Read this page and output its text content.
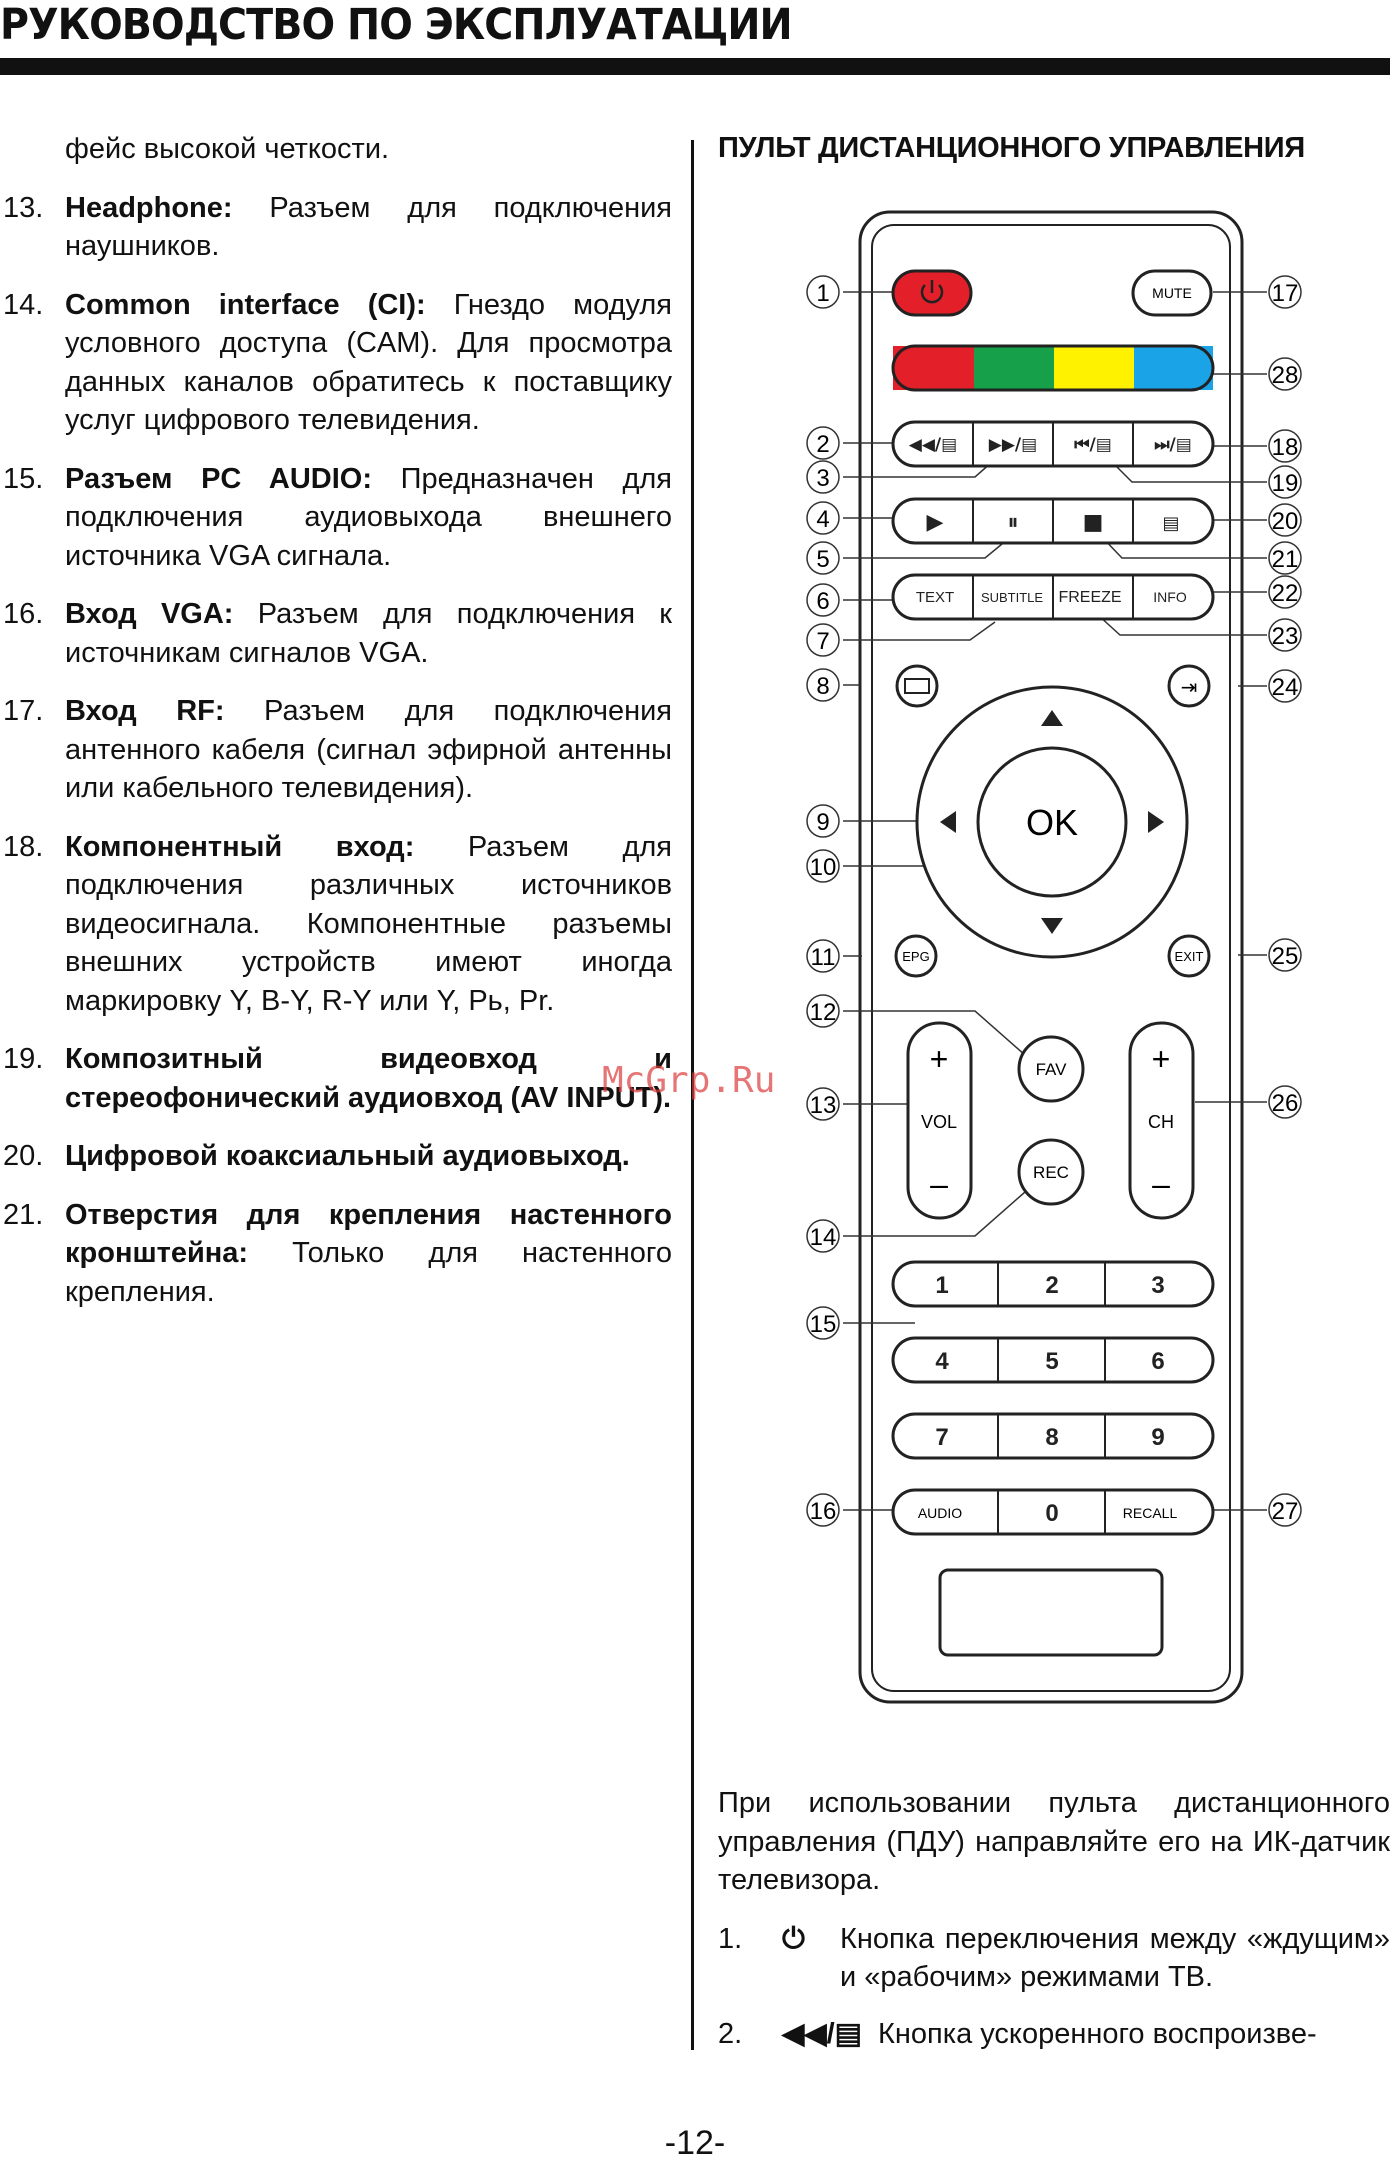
РУКОВОДСТВО ПО ЭКСПЛУАТАЦИИ
фейс высокой четкости.
13. Headphone: Разъем для подключения наушников.
14. Common interface (CI): Гнездо модуля условного доступа (CAM). Для просмотра данных каналов обратитесь к поставщику услуг цифрового телевидения.
15. Разъем PC AUDIO: Предназначен для подключения аудиовыхода внешнего источника VGA сигнала.
16. Вход VGA: Разъем для подключения к источникам сигналов VGA.
17. Вход RF: Разъем для подключения антенного кабеля (сигнал эфирной антенны или кабельного телевидения).
18. Компонентный вход: Разъем для подключения различных источников видеосигнала. Компонентные разъемы внешних устройств имеют иногда маркировку Y, B-Y, R-Y или Y, Pь, Pr.
19. Композитный видеовход и стереофонический аудиовход (AV INPUT).
20. Цифровой коаксиальный аудиовыход.
21. Отверстия для крепления настенного кронштейна: Только для настенного крепления.
ПУЛЬТ ДИСТАНЦИОННОГО УПРАВЛЕНИЯ
MUTE
◀◀/▤ ▶▶/▤ ⏮/▤ ⏭/▤
▶	⏸	■	▤
TEXT SUBTITLE FREEZE INFO
⇥
OK
EPG	EXIT
+
VOL
–
+
CH
–
FAV
REC
1	2	3
4	5	6
7	8	9
0
AUDIO	RECALL
1
2
3
4
5
6
7
8
9
10
11
12
13
14
15
16
17
28
18
19
20
21
22
23
24
25
26
27

При использовании пульта дистанционного управления (ПДУ) направляйте его на ИК-датчик телевизора.

1.	⏻	Кнопка переключения между «ждущим» и «рабочим» режимами ТВ.
2.	◀◀/▤ Кнопка ускоренного воспроизве-
McGrp.Ru
-12-
